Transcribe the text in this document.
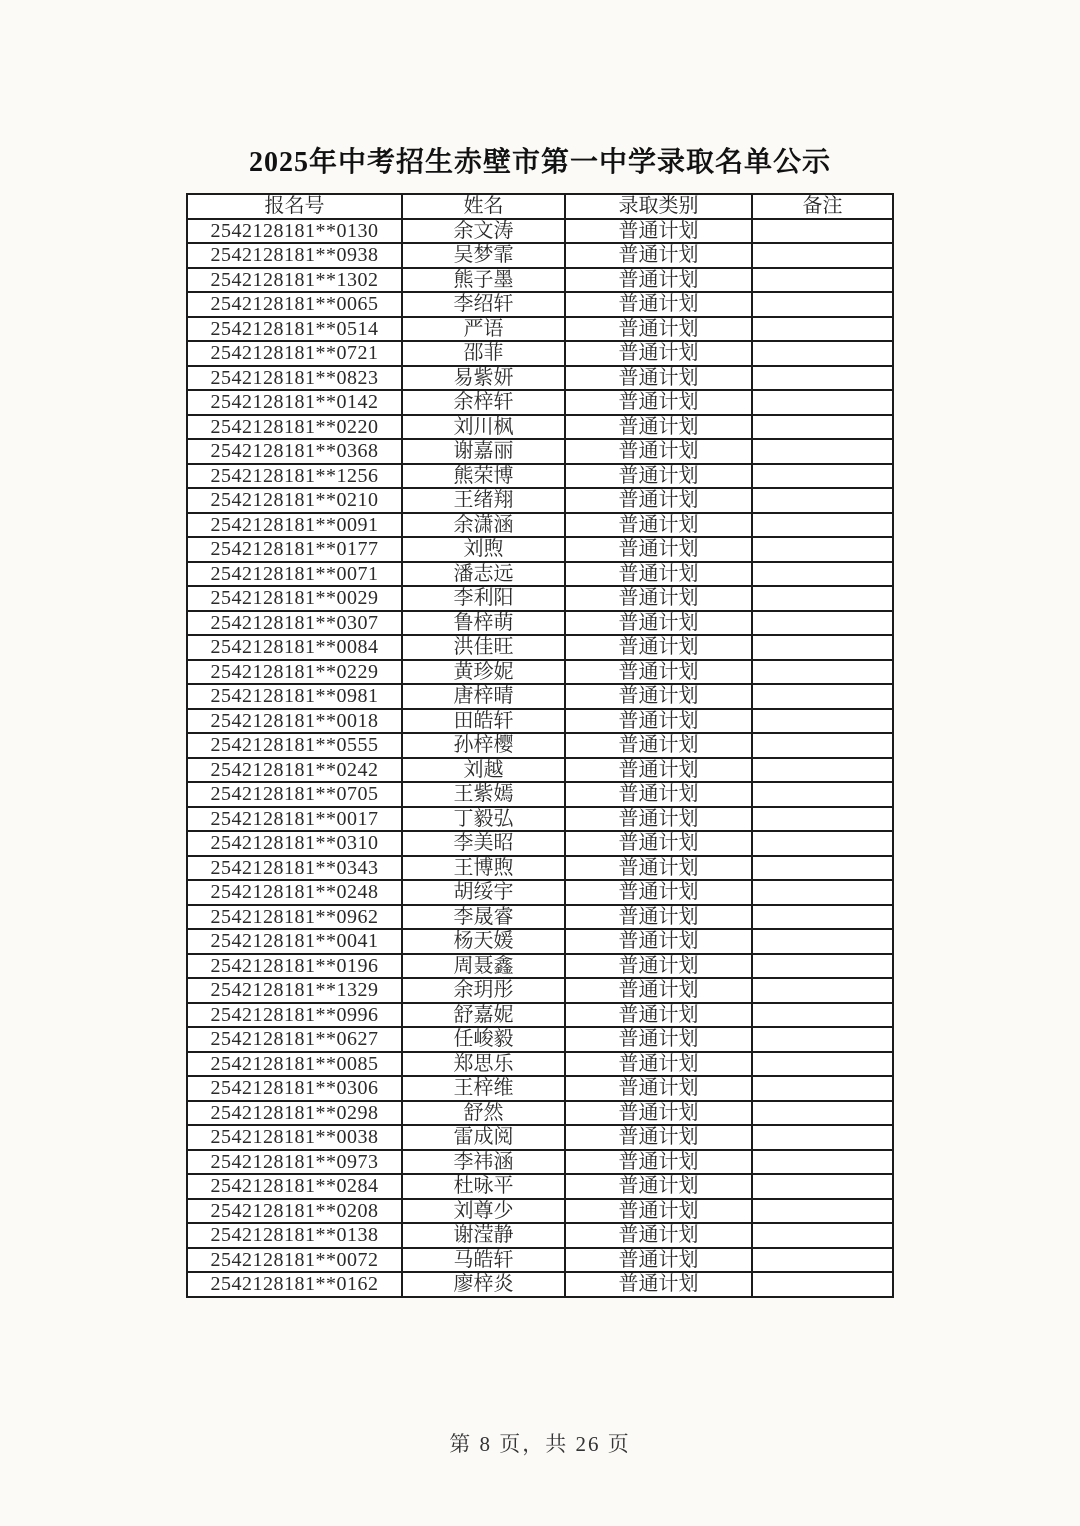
2025年中考招生赤壁市第一中学录取名单公示
报名号	姓名	录取类别	备注
2542128181**0130	余文涛	普通计划	
2542128181**0938	吴梦霏	普通计划	
2542128181**1302	熊子墨	普通计划	
2542128181**0065	李绍轩	普通计划	
2542128181**0514	严语	普通计划	
2542128181**0721	邵菲	普通计划	
2542128181**0823	易紫妍	普通计划	
2542128181**0142	余梓轩	普通计划	
2542128181**0220	刘川枫	普通计划	
2542128181**0368	谢嘉丽	普通计划	
2542128181**1256	熊荣博	普通计划	
2542128181**0210	王绪翔	普通计划	
2542128181**0091	余潇涵	普通计划	
2542128181**0177	刘煦	普通计划	
2542128181**0071	潘志远	普通计划	
2542128181**0029	李利阳	普通计划	
2542128181**0307	鲁梓萌	普通计划	
2542128181**0084	洪佳旺	普通计划	
2542128181**0229	黄珍妮	普通计划	
2542128181**0981	唐梓晴	普通计划	
2542128181**0018	田皓轩	普通计划	
2542128181**0555	孙梓樱	普通计划	
2542128181**0242	刘越	普通计划	
2542128181**0705	王紫嫣	普通计划	
2542128181**0017	丁毅弘	普通计划	
2542128181**0310	李美昭	普通计划	
2542128181**0343	王博煦	普通计划	
2542128181**0248	胡绥宇	普通计划	
2542128181**0962	李晟睿	普通计划	
2542128181**0041	杨天媛	普通计划	
2542128181**0196	周聂鑫	普通计划	
2542128181**1329	余玥彤	普通计划	
2542128181**0996	舒嘉妮	普通计划	
2542128181**0627	任峻毅	普通计划	
2542128181**0085	郑思乐	普通计划	
2542128181**0306	王梓维	普通计划	
2542128181**0298	舒然	普通计划	
2542128181**0038	雷成阅	普通计划	
2542128181**0973	李祎涵	普通计划	
2542128181**0284	杜咏平	普通计划	
2542128181**0208	刘尊少	普通计划	
2542128181**0138	谢滢静	普通计划	
2542128181**0072	马皓轩	普通计划	
2542128181**0162	廖梓炎	普通计划	
第 8 页，共 26 页
